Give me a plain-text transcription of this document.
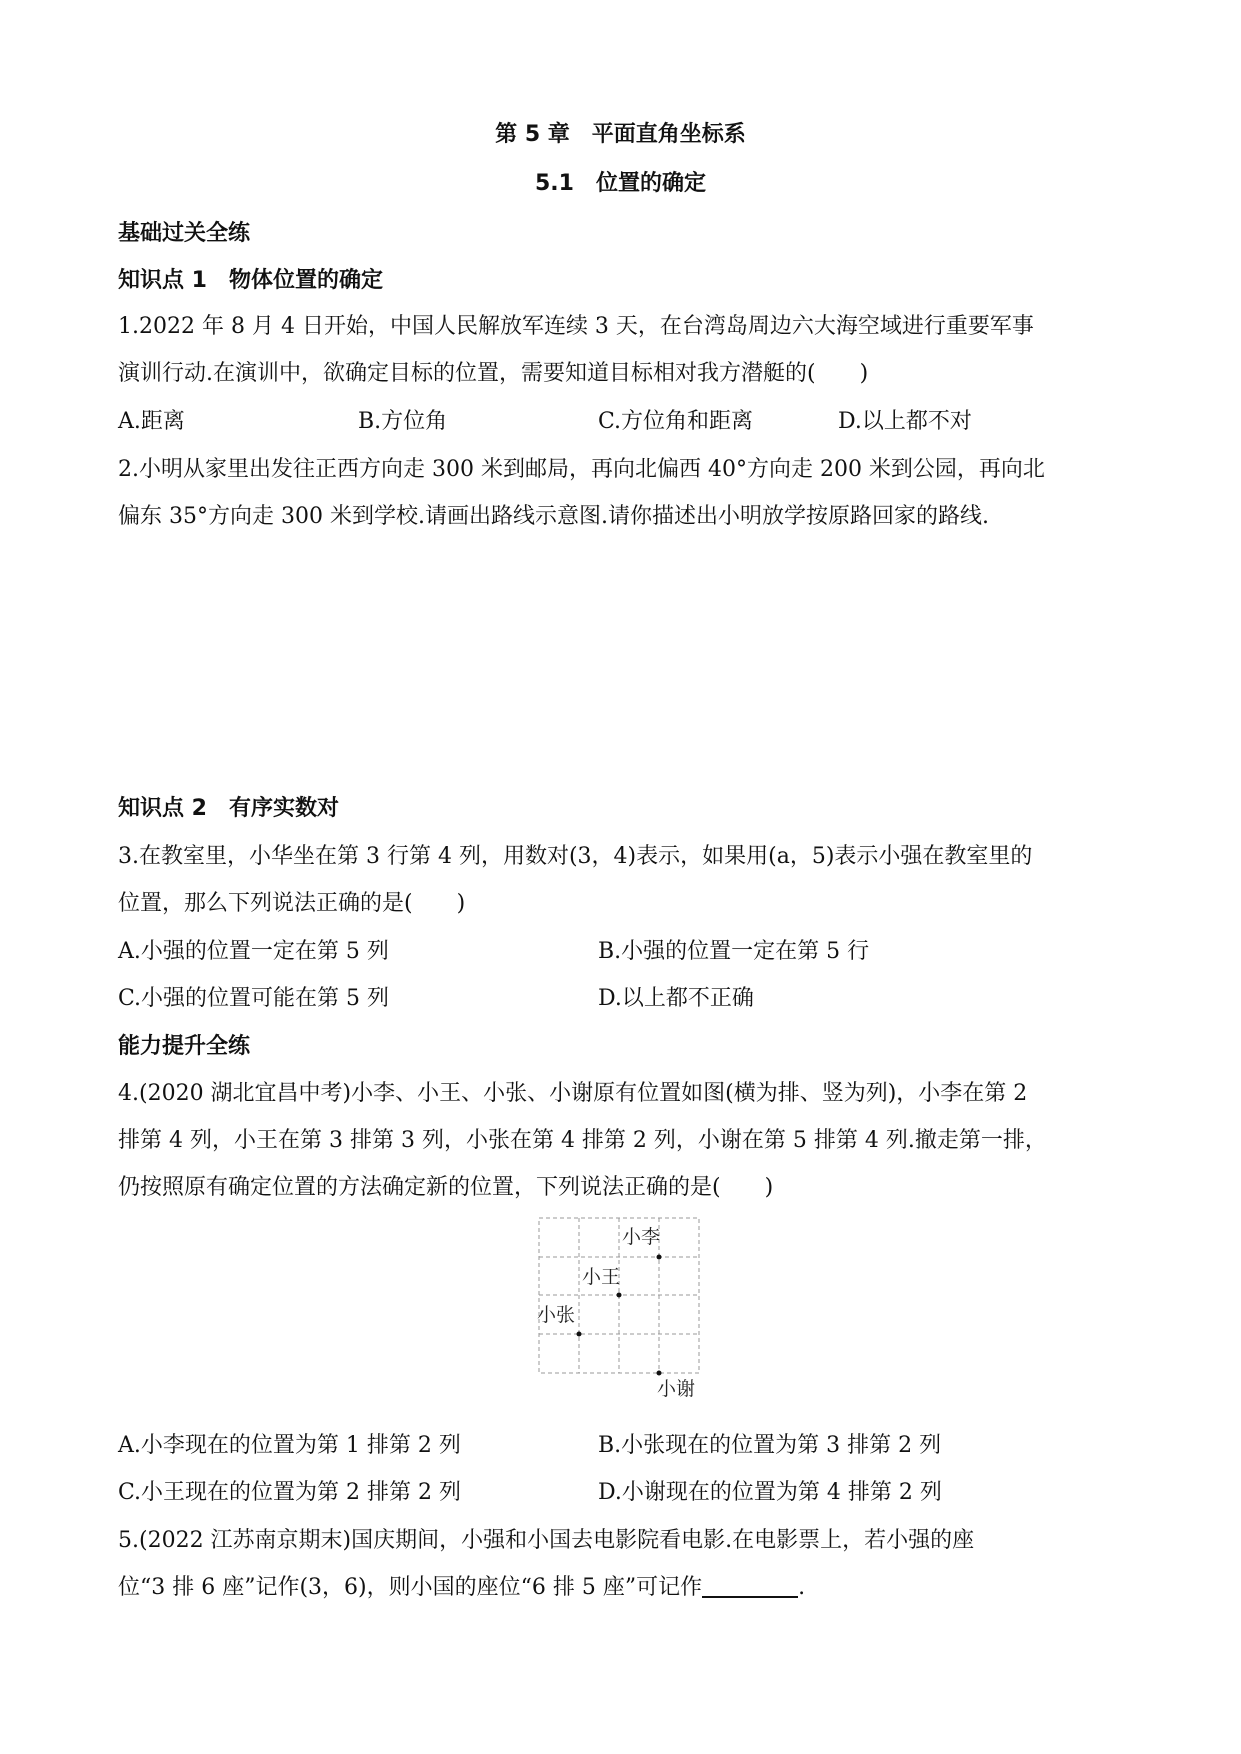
第 5 章　平面直角坐标系
5.1　位置的确定
基础过关全练
知识点 1　物体位置的确定
1.2022 年 8 月 4 日开始，中国人民解放军连续 3 天，在台湾岛周边六大海空域进行重要军事
演训行动.在演训中，欲确定目标的位置，需要知道目标相对我方潜艇的(　　)
A.距离	B.方位角	C.方位角和距离	D.以上都不对
2.小明从家里出发往正西方向走 300 米到邮局，再向北偏西 40°方向走 200 米到公园，再向北
偏东 35°方向走 300 米到学校.请画出路线示意图.请你描述出小明放学按原路回家的路线.
知识点 2　有序实数对
3.在教室里，小华坐在第 3 行第 4 列，用数对(3，4)表示，如果用(a，5)表示小强在教室里的
位置，那么下列说法正确的是(　　)
A.小强的位置一定在第 5 列	B.小强的位置一定在第 5 行
C.小强的位置可能在第 5 列	D.以上都不正确
能力提升全练
4.(2020 湖北宜昌中考)小李、小王、小张、小谢原有位置如图(横为排、竖为列)，小李在第 2
排第 4 列，小王在第 3 排第 3 列，小张在第 4 排第 2 列，小谢在第 5 排第 4 列.撤走第一排，
仍按照原有确定位置的方法确定新的位置，下列说法正确的是(　　)
小李
小王
小张
小谢
A.小李现在的位置为第 1 排第 2 列	B.小张现在的位置为第 3 排第 2 列
C.小王现在的位置为第 2 排第 2 列	D.小谢现在的位置为第 4 排第 2 列
5.(2022 江苏南京期末)国庆期间，小强和小国去电影院看电影.在电影票上，若小强的座
位“3 排 6 座”记作(3，6)，则小国的座位“6 排 5 座”可记作	.
